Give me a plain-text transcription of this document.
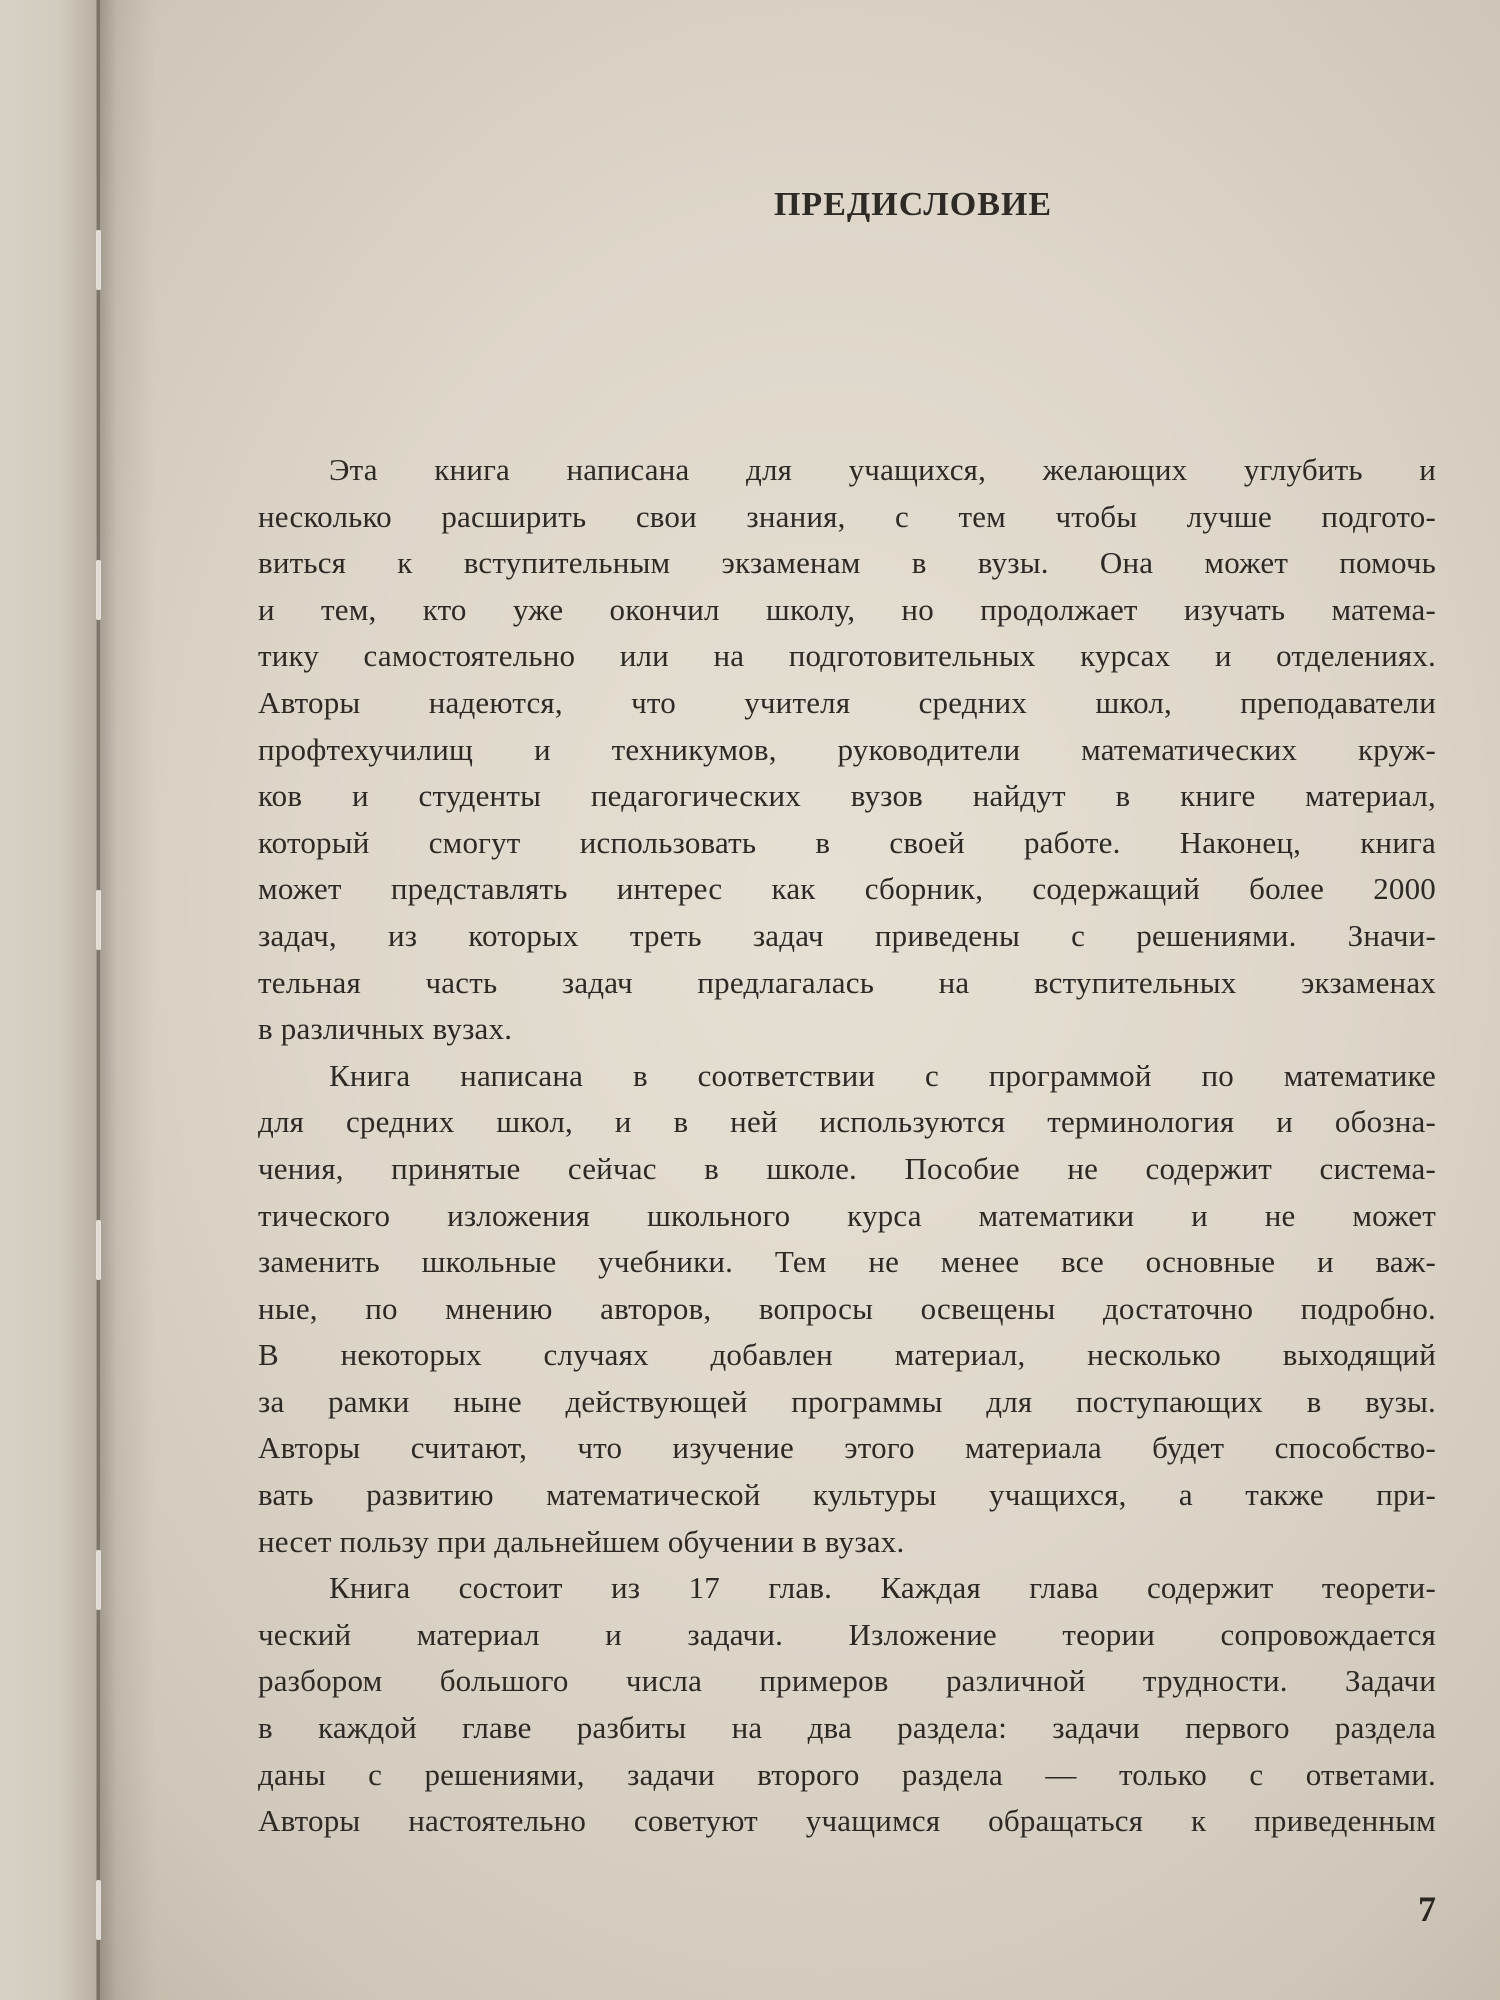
ПРЕДИСЛОВИЕ
Эта книга написана для учащихся, желающих углубить и
несколько расширить свои знания, с тем чтобы лучше подгото-
виться к вступительным экзаменам в вузы. Она может помочь
и тем, кто уже окончил школу, но продолжает изучать матема-
тику самостоятельно или на подготовительных курсах и отделениях.
Авторы надеются, что учителя средних школ, преподаватели
профтехучилищ и техникумов, руководители математических круж-
ков и студенты педагогических вузов найдут в книге материал,
который смогут использовать в своей работе. Наконец, книга
может представлять интерес как сборник, содержащий более 2000
задач, из которых треть задач приведены с решениями. Значи-
тельная часть задач предлагалась на вступительных экзаменах
в различных вузах.
Книга написана в соответствии с программой по математике
для средних школ, и в ней используются терминология и обозна-
чения, принятые сейчас в школе. Пособие не содержит система-
тического изложения школьного курса математики и не может
заменить школьные учебники. Тем не менее все основные и важ-
ные, по мнению авторов, вопросы освещены достаточно подробно.
В некоторых случаях добавлен материал, несколько выходящий
за рамки ныне действующей программы для поступающих в вузы.
Авторы считают, что изучение этого материала будет способство-
вать развитию математической культуры учащихся, а также при-
несет пользу при дальнейшем обучении в вузах.
Книга состоит из 17 глав. Каждая глава содержит теорети-
ческий материал и задачи. Изложение теории сопровождается
разбором большого числа примеров различной трудности. Задачи
в каждой главе разбиты на два раздела: задачи первого раздела
даны с решениями, задачи второго раздела — только с ответами.
Авторы настоятельно советуют учащимся обращаться к приведенным
7
